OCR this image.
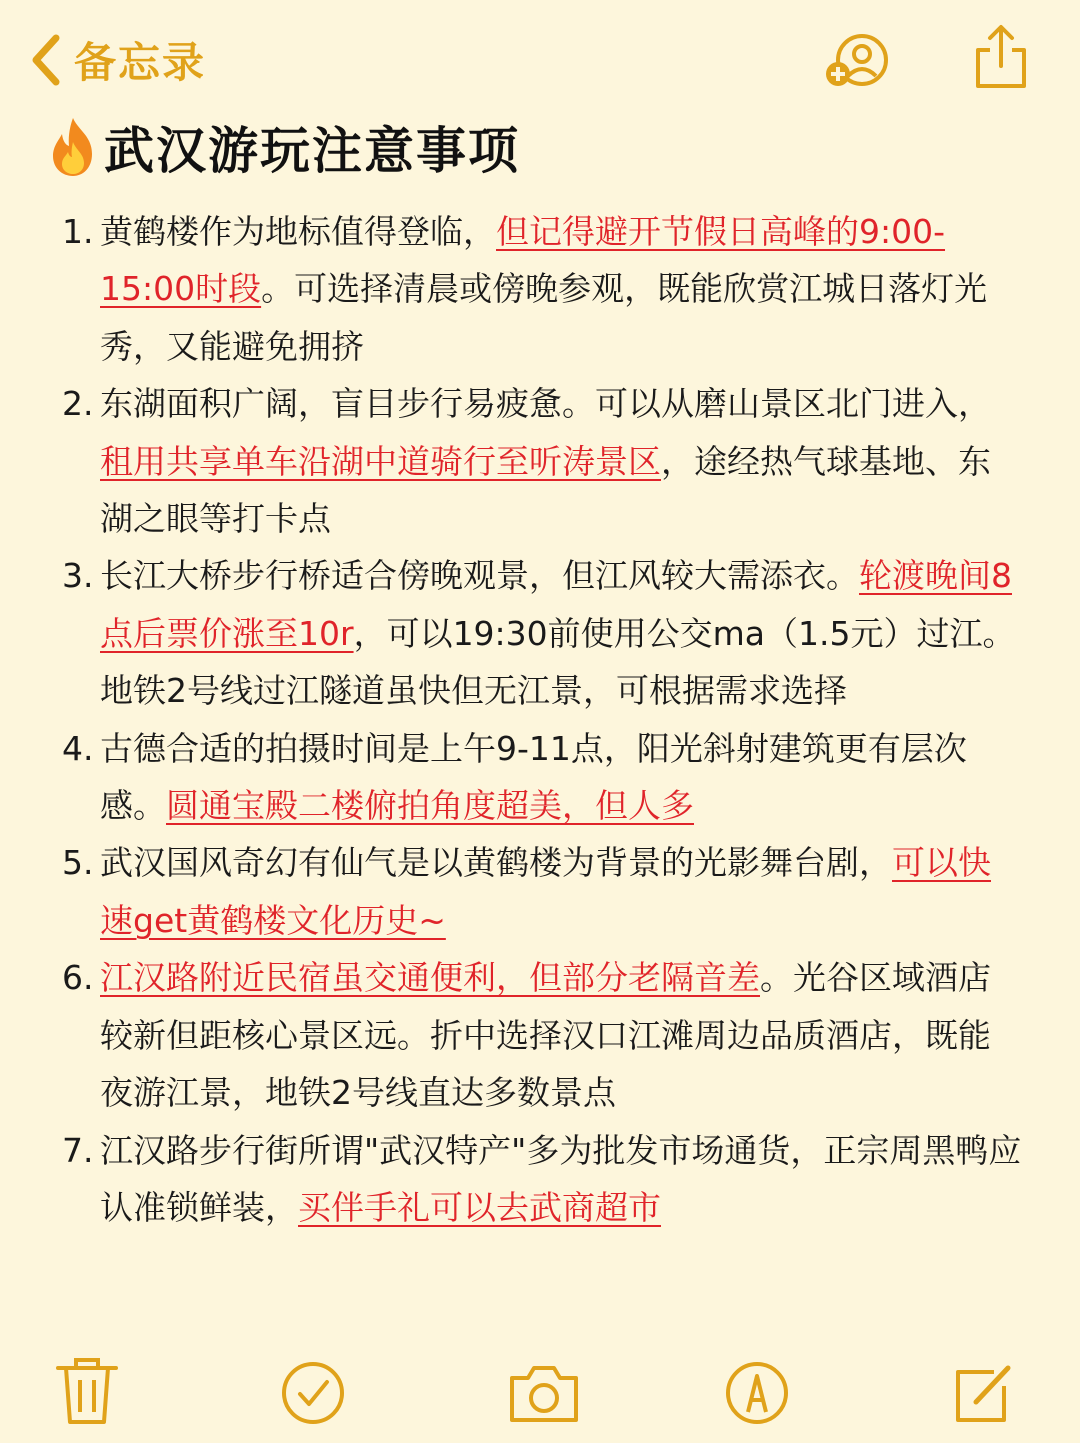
备忘录
武汉游玩注意事项
1. 黄鹤楼作为地标值得登临，但记得避开节假日高峰的9:00-15:00时段。可选择清晨或傍晚参观，既能欣赏江城日落灯光秀，又能避免拥挤
2. 东湖面积广阔，盲目步行易疲惫。可以从磨山景区北门进入，租用共享单车沿湖中道骑行至听涛景区，途经热气球基地、东湖之眼等打卡点
3. 长江大桥步行桥适合傍晚观景，但江风较大需添衣。轮渡晚间8点后票价涨至10r，可以19:30前使用公交ma（1.5元）过江。地铁2号线过江隧道虽快但无江景，可根据需求选择
4. 古德合适的拍摄时间是上午9-11点，阳光斜射建筑更有层次感。圆通宝殿二楼俯拍角度超美，但人多
5. 武汉国风奇幻有仙气是以黄鹤楼为背景的光影舞台剧，可以快速get黄鹤楼文化历史~
6. 江汉路附近民宿虽交通便利，但部分老隔音差。光谷区域酒店较新但距核心景区远。折中选择汉口江滩周边品质酒店，既能夜游江景，地铁2号线直达多数景点
7. 江汉路步行街所谓"武汉特产"多为批发市场通货，正宗周黑鸭应认准锁鲜装，买伴手礼可以去武商超市
